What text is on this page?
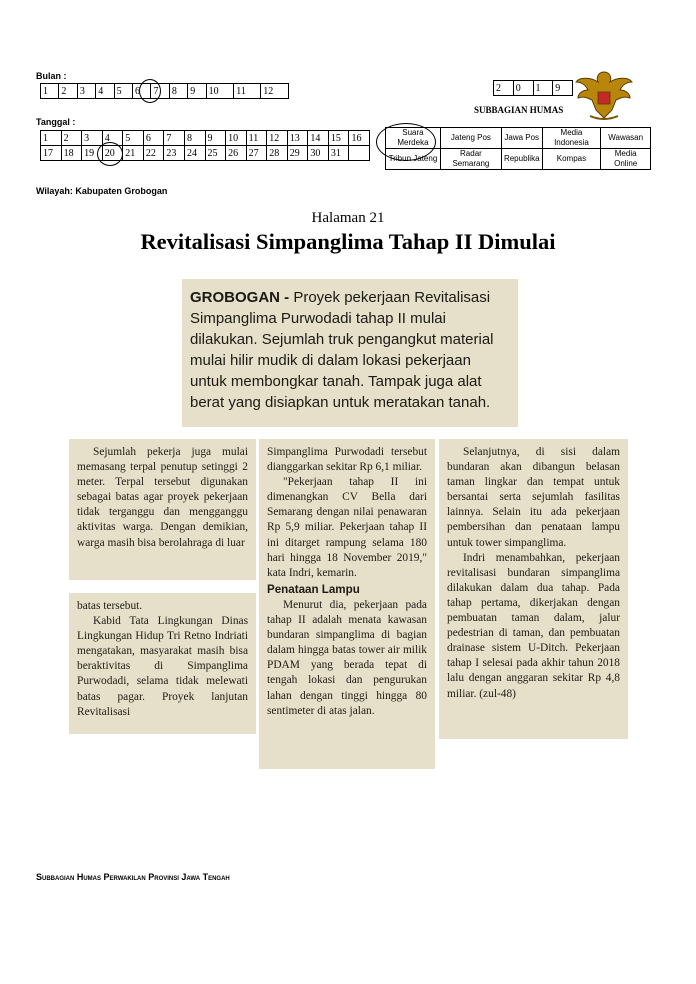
Bulan :
1	2	3	4	5	6	7	8	9	10	11	12
Tanggal :
1	2	3	4	5	6	7	8	9	10	11	12	13	14	15	16
17	18	19	20	21	22	23	24	25	26	27	28	29	30	31	
2	0	1	9
SUBBAGIAN HUMAS
Suara Merdeka	Jateng Pos	Jawa Pos	Media Indonesia	Wawasan
Tribun Jateng	Radar Semarang	Republika	Kompas	Media Online
Wilayah: Kabupaten Grobogan
Halaman 21
Revitalisasi Simpanglima Tahap II Dimulai
GROBOGAN - Proyek pekerjaan Revitalisasi Simpanglima Purwodadi tahap II mulai dilakukan. Sejumlah truk pengangkut material mulai hilir mudik di dalam lokasi pekerjaan untuk membongkar tanah. Tampak juga alat berat yang disiapkan untuk meratakan tanah.

Sejumlah pekerja juga mulai memasang terpal penutup setinggi 2 meter. Terpal tersebut digunakan sebagai batas agar proyek pekerjaan tidak terganggu dan mengganggu aktivitas warga. Dengan demikian, warga masih bisa berolahraga di luar

batas tersebut.

Kabid Tata Lingkungan Dinas Lingkungan Hidup Tri Retno Indriati mengatakan, masyarakat masih bisa beraktivitas di Simpanglima Purwodadi, selama tidak melewati batas pagar. Proyek lanjutan Revitalisasi

Simpanglima Purwodadi tersebut dianggarkan sekitar Rp 6,1 miliar.

"Pekerjaan tahap II ini dimenangkan CV Bella dari Semarang dengan nilai penawaran Rp 5,9 miliar. Pekerjaan tahap II ini ditarget rampung selama 180 hari hingga 18 November 2019," kata Indri, kemarin.

Penataan Lampu

Menurut dia, pekerjaan pada tahap II adalah menata kawasan bundaran simpanglima di bagian dalam hingga batas tower air milik PDAM yang berada tepat di tengah lokasi dan pengurukan lahan dengan tinggi hingga 80 sentimeter di atas jalan.

Selanjutnya, di sisi dalam bundaran akan dibangun belasan taman lingkar dan tempat untuk bersantai serta sejumlah fasilitas lainnya. Selain itu ada pekerjaan pembersihan dan penataan lampu untuk tower simpanglima.

Indri menambahkan, pekerjaan revitalisasi bundaran simpanglima dilakukan dalam dua tahap. Pada tahap pertama, dikerjakan dengan pembuatan taman dalam, jalur pedestrian di taman, dan pembuatan drainase sistem U-Ditch. Pekerjaan tahap I selesai pada akhir tahun 2018 lalu dengan anggaran sekitar Rp 4,8 miliar. (zul-48)

Subbagian Humas Perwakilan Provinsi Jawa Tengah
